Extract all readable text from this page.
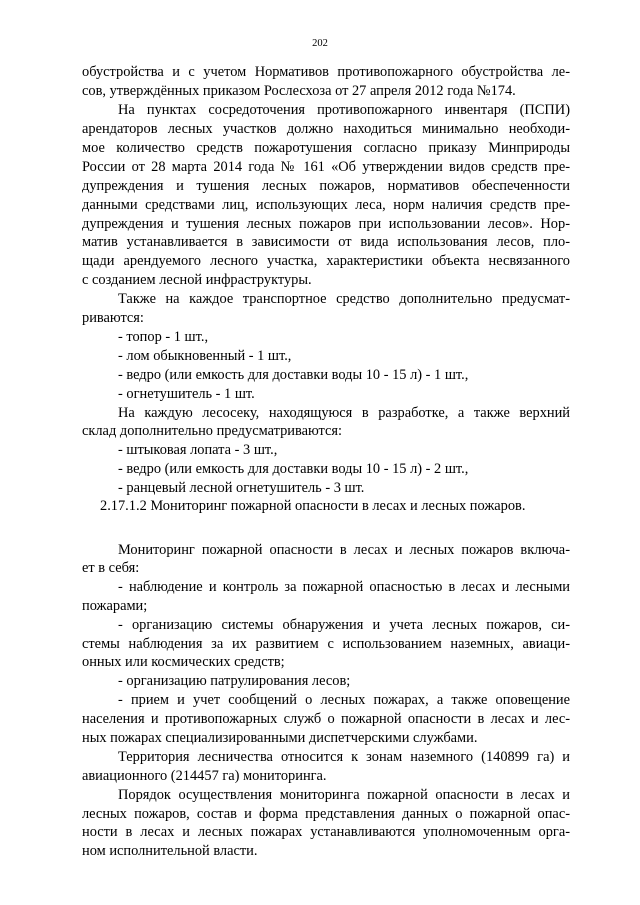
202
обустройства и с учетом Нормативов противопожарного обустройства ле-
сов, утверждённых приказом Рослесхоза от 27 апреля 2012 года №174.
На пунктах сосредоточения противопожарного инвентаря (ПСПИ)
арендаторов лесных участков должно находиться минимально необходи-
мое количество средств пожаротушения согласно приказу Минприроды
России от 28 марта 2014 года № 161 «Об утверждении видов средств пре-
дупреждения и тушения лесных пожаров, нормативов обеспеченности
данными средствами лиц, использующих леса, норм наличия средств пре-
дупреждения и тушения лесных пожаров при использовании лесов». Нор-
матив устанавливается в зависимости от вида использования лесов, пло-
щади арендуемого лесного участка, характеристики объекта несвязанного
с созданием лесной инфраструктуры.
Также на каждое транспортное средство дополнительно предусмат-
риваются:
- топор - 1 шт.,
- лом обыкновенный - 1 шт.,
- ведро (или емкость для доставки воды 10 - 15 л) - 1 шт.,
- огнетушитель - 1 шт.
На каждую лесосеку, находящуюся в разработке, а также верхний
склад дополнительно предусматриваются:
- штыковая лопата - 3 шт.,
- ведро (или емкость для доставки воды 10 - 15 л) - 2 шт.,
- ранцевый лесной огнетушитель - 3 шт.
2.17.1.2 Мониторинг пожарной опасности в лесах и лесных пожаров.
Мониторинг пожарной опасности в лесах и лесных пожаров включа-
ет в себя:
- наблюдение и контроль за пожарной опасностью в лесах и лесными
пожарами;
- организацию системы обнаружения и учета лесных пожаров, си-
стемы наблюдения за их развитием с использованием наземных, авиаци-
онных или космических средств;
- организацию патрулирования лесов;
- прием и учет сообщений о лесных пожарах, а также оповещение
населения и противопожарных служб о пожарной опасности в лесах и лес-
ных пожарах специализированными диспетчерскими службами.
Территория лесничества относится к зонам наземного (140899 га) и
авиационного (214457 га) мониторинга.
Порядок осуществления мониторинга пожарной опасности в лесах и
лесных пожаров, состав и форма представления данных о пожарной опас-
ности в лесах и лесных пожарах устанавливаются уполномоченным орга-
ном исполнительной власти.
